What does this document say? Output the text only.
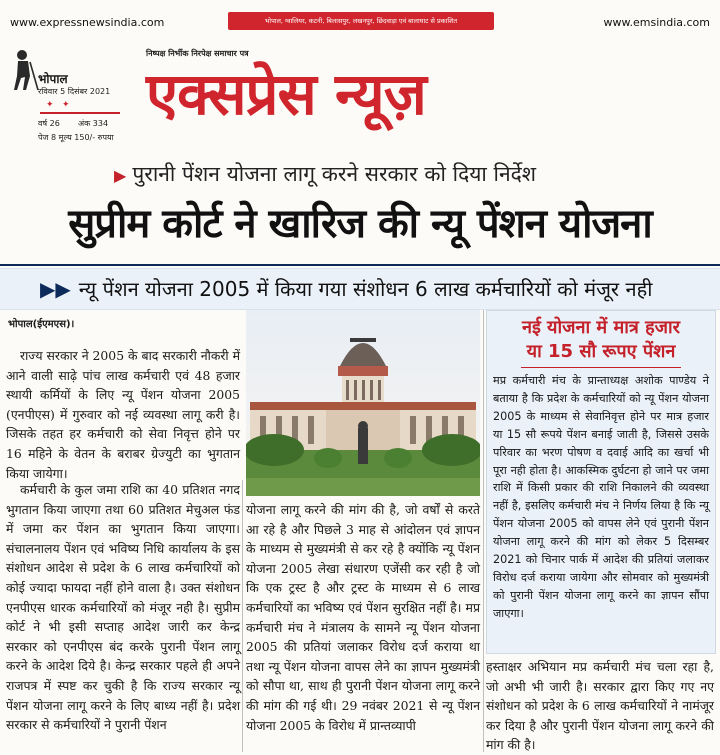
www.expressnewsindia.com	भोपाल, ग्वालियर, कटनी, बिलासपुर, लखनपुर, छिंदवाड़ा एवं बालाघाट से प्रकाशित	www.emsindia.com
भोपाल
रविवार 5 दिसंबर 2021
वर्ष 26 अंक 334
पेज 8 मूल्य 150/- रुपया
✦ ✦
निष्पक्ष निर्भीक निरपेक्ष समाचार पत्र
एक्सप्रेस न्यूज़
▶ पुरानी पेंशन योजना लागू करने सरकार को दिया निर्देश
सुप्रीम कोर्ट ने खारिज की न्यू पेंशन योजना
▶▶ न्यू पेंशन योजना 2005 में किया गया संशोधन 6 लाख कर्मचारियों को मंजूर नही
भोपाल(ईएमएस)।

राज्य सरकार ने 2005 के बाद सरकारी नौकरी में आने वाली साढ़े पांच लाख कर्मचारी एवं 48 हजार स्थायी कर्मियों के लिए न्यू पेंशन योजना 2005 (एनपीएस) में गुरुवार को नई व्यवस्था लागू करी है। जिसके तहत हर कर्मचारी को सेवा निवृत्त होने पर 16 महिने के वेतन के बराबर ग्रेज्युटी का भुगतान किया जायेगा।

कर्मचारी के कुल जमा राशि का 40 प्रतिशत नगद भुगतान किया जाएगा तथा 60 प्रतिशत मेचुअल फंड में जमा कर पेंशन का भुगतान किया जाएगा। संचालनालय पेंशन एवं भविष्य निधि कार्यालय के इस संशोधन आदेश से प्रदेश के 6 लाख कर्मचारियों को कोई ज्यादा फायदा नहीं होने वाला है। उक्त संशोधन एनपीएस धारक कर्मचारियों को मंजूर नही है। सुप्रीम कोर्ट ने भी इसी सप्ताह आदेश जारी कर केन्द्र सरकार को एनपीएस बंद करके पुरानी पेंशन लागू करने के आदेश दिये है। केन्द्र सरकार पहले ही अपने राजपत्र में स्पष्ट कर चुकी है कि राज्य सरकार न्यू पेंशन योजना लागू करने के लिए बाध्य नहीं है। प्रदेश सरकार से कर्मचारियों ने पुरानी पेंशन

योजना लागू करने की मांग की है, जो वर्षों से करते आ रहे है और पिछले 3 माह से आंदोलन एवं ज्ञापन के माध्यम से मुख्यमंत्री से कर रहे है क्योंकि न्यू पेंशन योजना 2005 लेखा संधारण एजेंसी कर रही है जो कि एक ट्रस्ट है और ट्रस्ट के माध्यम से 6 लाख कर्मचारियों का भविष्य एवं पेंशन सुरक्षित नहीं है। मप्र कर्मचारी मंच ने मंत्रालय के सामने न्यू पेंशन योजना 2005 की प्रतियां जलाकर विरोध दर्ज कराया था तथा न्यू पेंशन योजना वापस लेने का ज्ञापन मुख्यमंत्री को सौपा था, साथ ही पुरानी पेंशन योजना लागू करने की मांग की गई थी। 29 नवंबर 2021 से न्यू पेंशन योजना 2005 के विरोध में प्रान्तव्यापी

नई योजना में मात्र हजार
या 15 सौ रूपए पेंशन
मप्र कर्मचारी मंच के प्रान्ताध्यक्ष अशोक पाण्डेय ने बताया है कि प्रदेश के कर्मचारियों को न्यू पेंशन योजना 2005 के माध्यम से सेवानिवृत्त होने पर मात्र हजार या 15 सौ रूपये पेंशन बनाई जाती है, जिससे उसके परिवार का भरण पोषण व दवाई आदि का खर्चा भी पूरा नही होता है। आकस्मिक दुर्घटना हो जाने पर जमा राशि में किसी प्रकार की राशि निकालने की व्यवस्था नहीं है, इसलिए कर्मचारी मंच ने निर्णय लिया है कि न्यू पेंशन योजना 2005 को वापस लेने एवं पुरानी पेंशन योजना लागू करने की मांग को लेकर 5 दिसम्बर 2021 को चिनार पार्क में आदेश की प्रतियां जलाकर विरोध दर्ज कराया जायेगा और सोमवार को मुख्यमंत्री को पुरानी पेंशन योजना लागू करने का ज्ञापन सौंपा जाएगा।

हस्ताक्षर अभियान मप्र कर्मचारी मंच चला रहा है, जो अभी भी जारी है। सरकार द्वारा किए गए नए संशोधन को प्रदेश के 6 लाख कर्मचारियों ने नामंजूर कर दिया है और पुरानी पेंशन योजना लागू करने की मांग की है।
